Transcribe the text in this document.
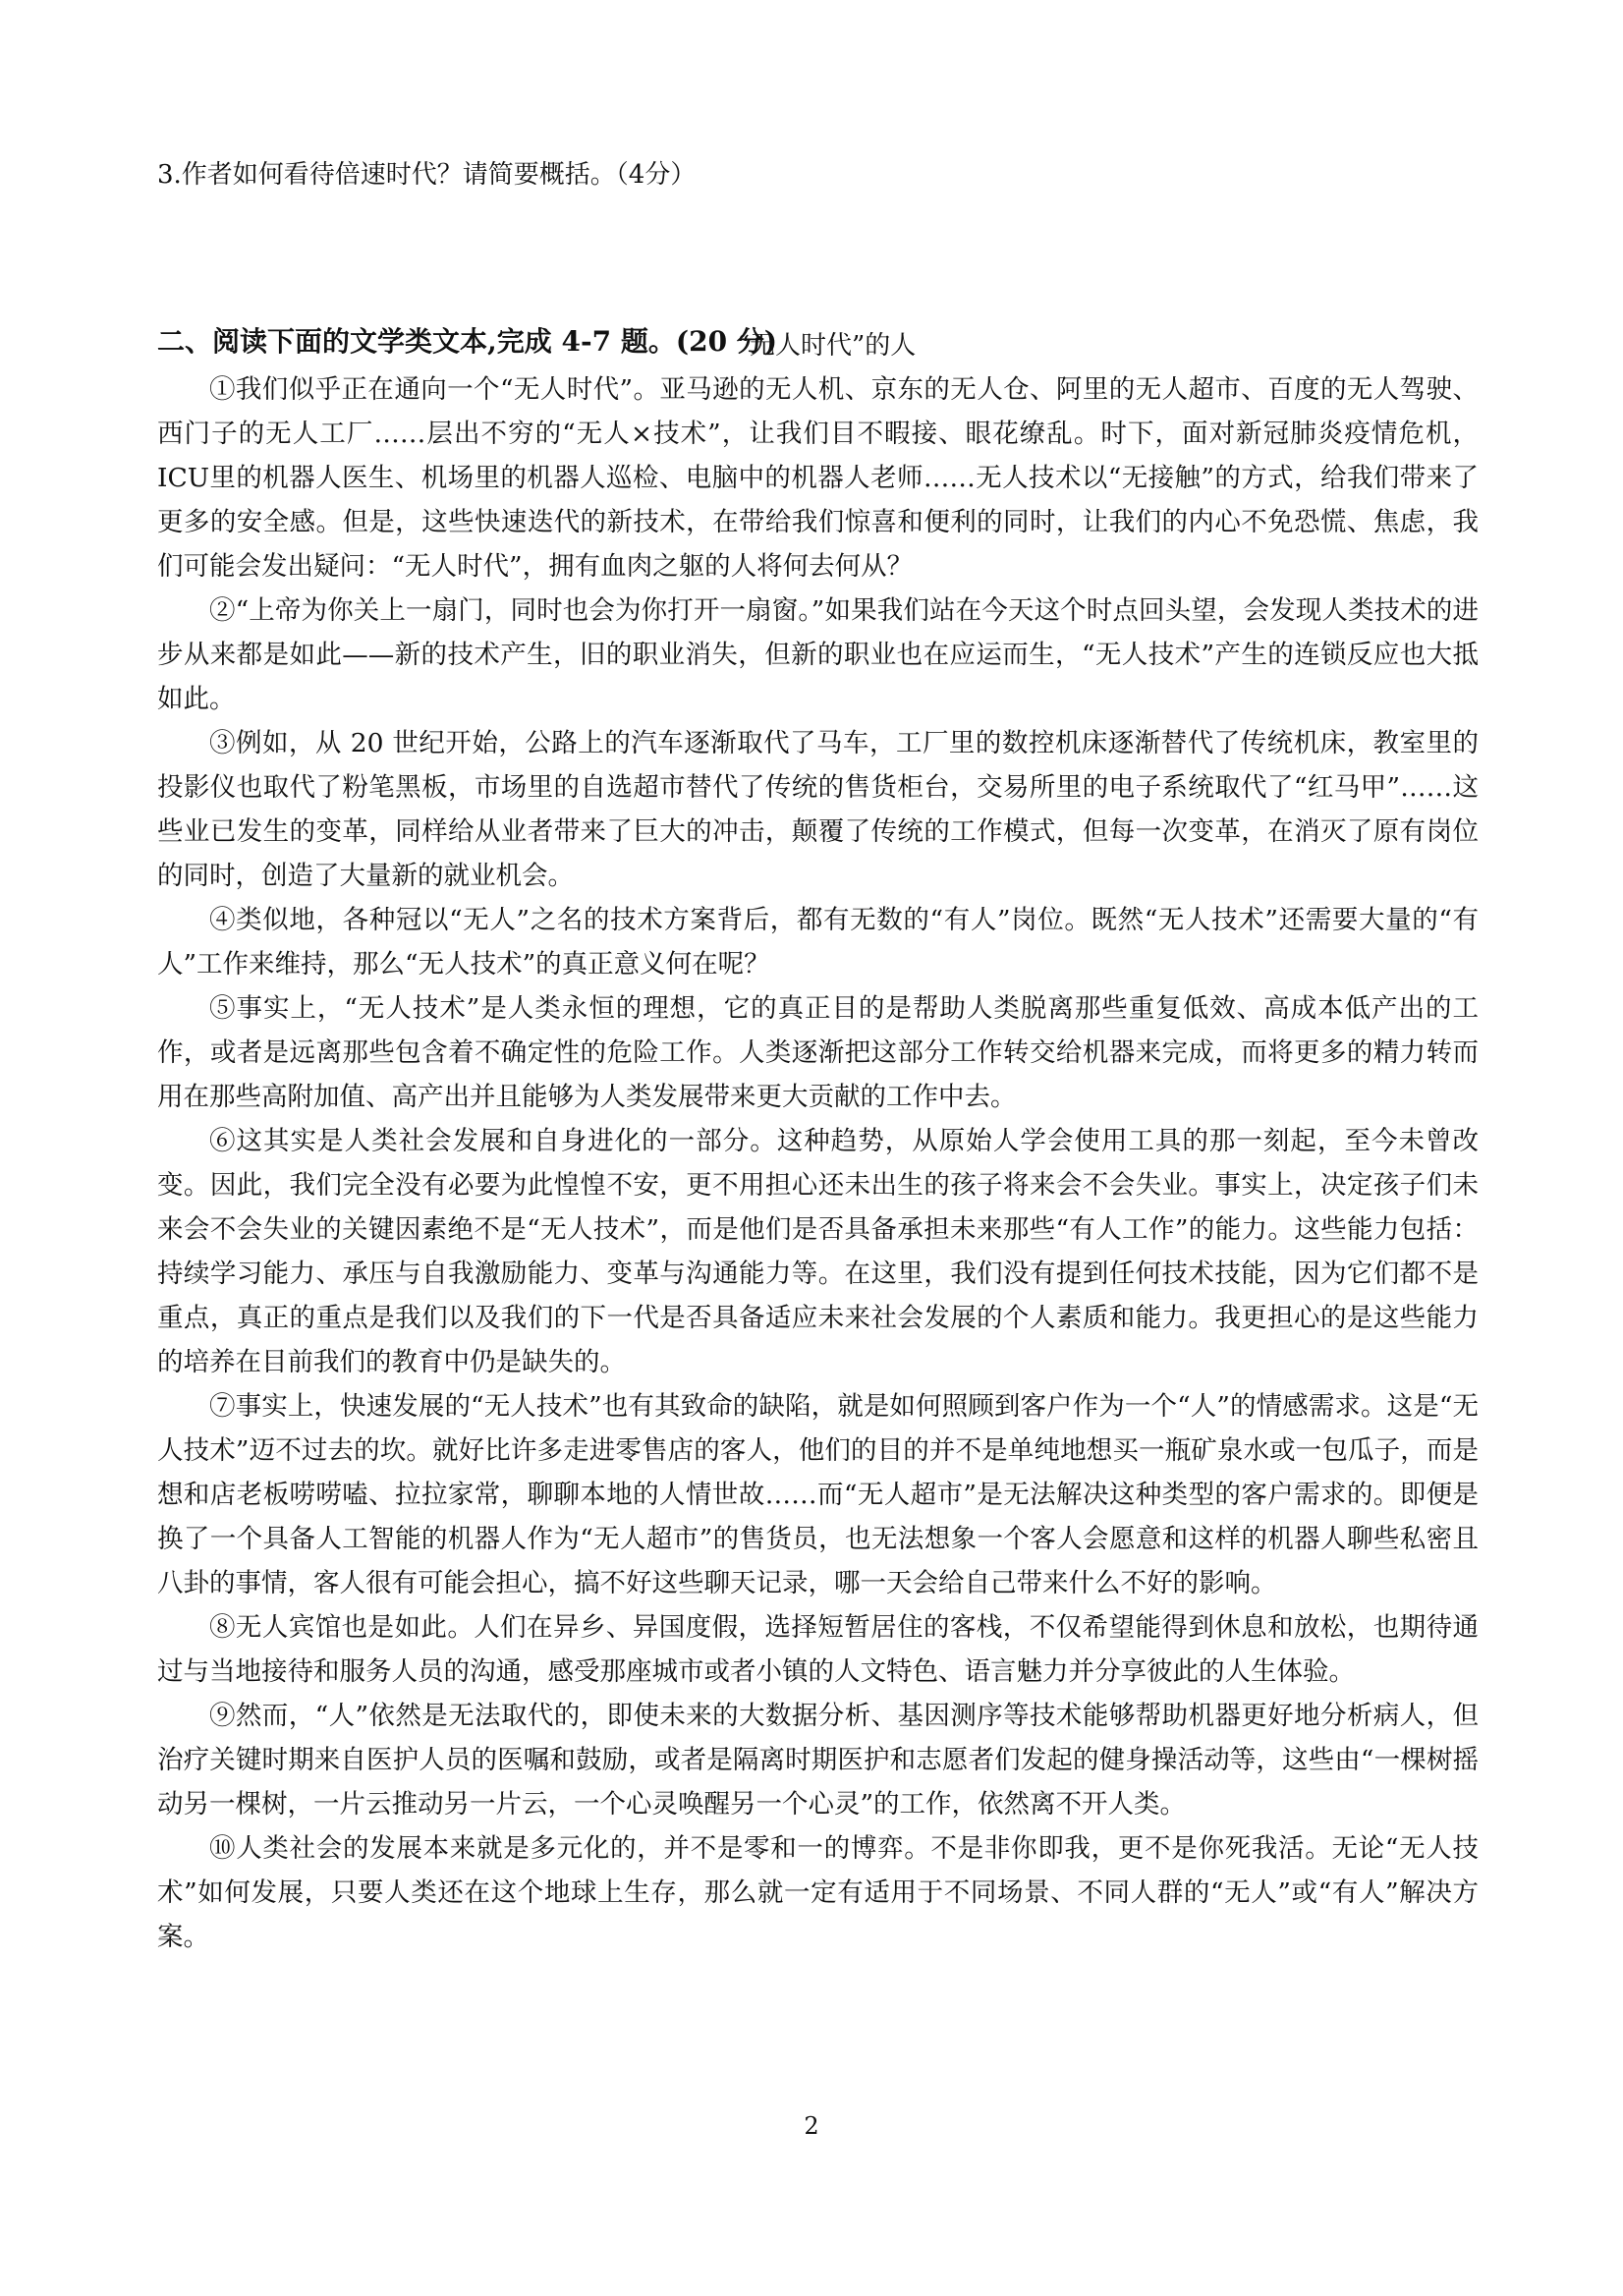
3.作者如何看待倍速时代？请简要概括。（4分）
二、阅读下面的文学类文本,完成 4-7 题。(20 分)
“无人时代”的人

①我们似乎正在通向一个“无人时代”。亚马逊的无人机、京东的无人仓、阿里的无人超市、百度的无人驾驶、西门子的无人工厂……层出不穷的“无人×技术”，让我们目不暇接、眼花缭乱。时下，面对新冠肺炎疫情危机，ICU里的机器人医生、机场里的机器人巡检、电脑中的机器人老师……无人技术以“无接触”的方式，给我们带来了更多的安全感。但是，这些快速迭代的新技术，在带给我们惊喜和便利的同时，让我们的内心不免恐慌、焦虑，我们可能会发出疑问：“无人时代”，拥有血肉之躯的人将何去何从？

②“上帝为你关上一扇门，同时也会为你打开一扇窗。”如果我们站在今天这个时点回头望，会发现人类技术的进步从来都是如此——新的技术产生，旧的职业消失，但新的职业也在应运而生，“无人技术”产生的连锁反应也大抵如此。

③例如，从 20 世纪开始，公路上的汽车逐渐取代了马车，工厂里的数控机床逐渐替代了传统机床，教室里的投影仪也取代了粉笔黑板，市场里的自选超市替代了传统的售货柜台，交易所里的电子系统取代了“红马甲”……这些业已发生的变革，同样给从业者带来了巨大的冲击，颠覆了传统的工作模式，但每一次变革，在消灭了原有岗位的同时，创造了大量新的就业机会。

④类似地，各种冠以“无人”之名的技术方案背后，都有无数的“有人”岗位。既然“无人技术”还需要大量的“有人”工作来维持，那么“无人技术”的真正意义何在呢？

⑤事实上，“无人技术”是人类永恒的理想，它的真正目的是帮助人类脱离那些重复低效、高成本低产出的工作，或者是远离那些包含着不确定性的危险工作。人类逐渐把这部分工作转交给机器来完成，而将更多的精力转而用在那些高附加值、高产出并且能够为人类发展带来更大贡献的工作中去。

⑥这其实是人类社会发展和自身进化的一部分。这种趋势，从原始人学会使用工具的那一刻起，至今未曾改变。因此，我们完全没有必要为此惶惶不安，更不用担心还未出生的孩子将来会不会失业。事实上，决定孩子们未来会不会失业的关键因素绝不是“无人技术”，而是他们是否具备承担未来那些“有人工作”的能力。这些能力包括：持续学习能力、承压与自我激励能力、变革与沟通能力等。在这里，我们没有提到任何技术技能，因为它们都不是重点，真正的重点是我们以及我们的下一代是否具备适应未来社会发展的个人素质和能力。我更担心的是这些能力的培养在目前我们的教育中仍是缺失的。

⑦事实上，快速发展的“无人技术”也有其致命的缺陷，就是如何照顾到客户作为一个“人”的情感需求。这是“无人技术”迈不过去的坎。就好比许多走进零售店的客人，他们的目的并不是单纯地想买一瓶矿泉水或一包瓜子，而是想和店老板唠唠嗑、拉拉家常，聊聊本地的人情世故……而“无人超市”是无法解决这种类型的客户需求的。即便是换了一个具备人工智能的机器人作为“无人超市”的售货员，也无法想象一个客人会愿意和这样的机器人聊些私密且八卦的事情，客人很有可能会担心，搞不好这些聊天记录，哪一天会给自己带来什么不好的影响。

⑧无人宾馆也是如此。人们在异乡、异国度假，选择短暂居住的客栈，不仅希望能得到休息和放松，也期待通过与当地接待和服务人员的沟通，感受那座城市或者小镇的人文特色、语言魅力并分享彼此的人生体验。

⑨然而，“人”依然是无法取代的，即使未来的大数据分析、基因测序等技术能够帮助机器更好地分析病人，但治疗关键时期来自医护人员的医嘱和鼓励，或者是隔离时期医护和志愿者们发起的健身操活动等，这些由“一棵树摇动另一棵树，一片云推动另一片云，一个心灵唤醒另一个心灵”的工作，依然离不开人类。

⑩人类社会的发展本来就是多元化的，并不是零和一的博弈。不是非你即我，更不是你死我活。无论“无人技术”如何发展，只要人类还在这个地球上生存，那么就一定有适用于不同场景、不同人群的“无人”或“有人”解决方案。

2
